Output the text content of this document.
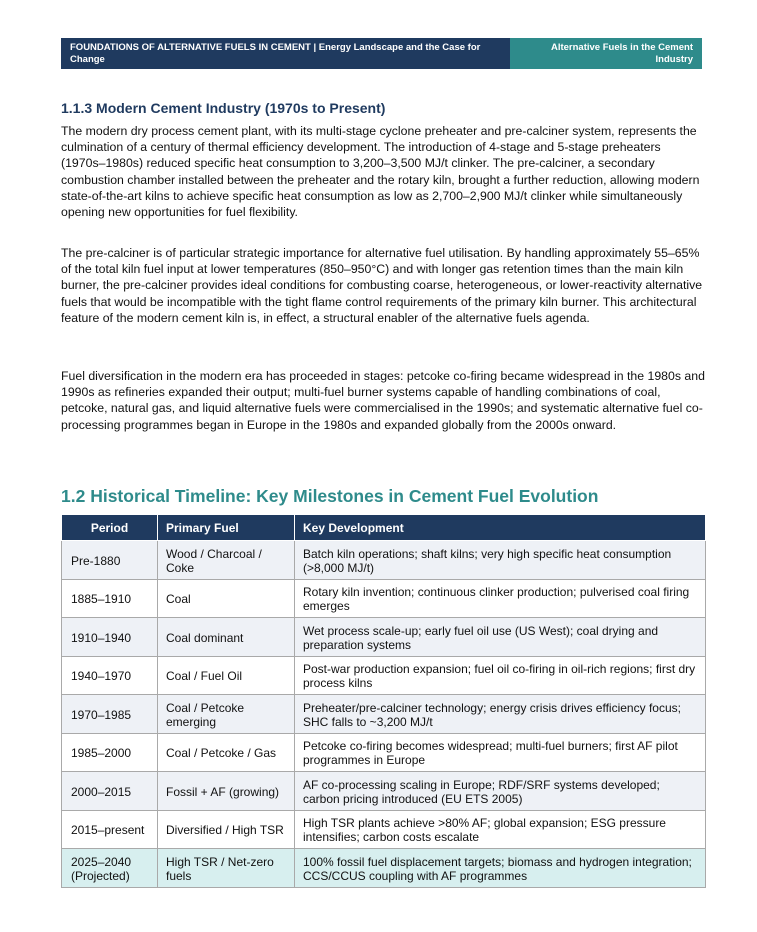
FOUNDATIONS OF ALTERNATIVE FUELS IN CEMENT | Energy Landscape and the Case for Change
Alternative Fuels in the Cement Industry
1.1.3 Modern Cement Industry (1970s to Present)

The modern dry process cement plant, with its multi-stage cyclone preheater and pre-calciner system, represents the culmination of a century of thermal efficiency development. The introduction of 4-stage and 5-stage preheaters (1970s–1980s) reduced specific heat consumption to 3,200–3,500 MJ/t clinker. The pre-calciner, a secondary combustion chamber installed between the preheater and the rotary kiln, brought a further reduction, allowing modern state-of-the-art kilns to achieve specific heat consumption as low as 2,700–2,900 MJ/t clinker while simultaneously opening new opportunities for fuel flexibility.

The pre-calciner is of particular strategic importance for alternative fuel utilisation. By handling approximately 55–65% of the total kiln fuel input at lower temperatures (850–950°C) and with longer gas retention times than the main kiln burner, the pre-calciner provides ideal conditions for combusting coarse, heterogeneous, or lower-reactivity alternative fuels that would be incompatible with the tight flame control requirements of the primary kiln burner. This architectural feature of the modern cement kiln is, in effect, a structural enabler of the alternative fuels agenda.

Fuel diversification in the modern era has proceeded in stages: petcoke co-firing became widespread in the 1980s and 1990s as refineries expanded their output; multi-fuel burner systems capable of handling combinations of coal, petcoke, natural gas, and liquid alternative fuels were commercialised in the 1990s; and systematic alternative fuel co-processing programmes began in Europe in the 1980s and expanded globally from the 2000s onward.

1.2 Historical Timeline: Key Milestones in Cement Fuel Evolution
Period	Primary Fuel	Key Development
Pre-1880	Wood / Charcoal / Coke	Batch kiln operations; shaft kilns; very high specific heat consumption (>8,000 MJ/t)
1885–1910	Coal	Rotary kiln invention; continuous clinker production; pulverised coal firing emerges
1910–1940	Coal dominant	Wet process scale-up; early fuel oil use (US West); coal drying and preparation systems
1940–1970	Coal / Fuel Oil	Post-war production expansion; fuel oil co-firing in oil-rich regions; first dry process kilns
1970–1985	Coal / Petcoke emerging	Preheater/pre-calciner technology; energy crisis drives efficiency focus; SHC falls to ~3,200 MJ/t
1985–2000	Coal / Petcoke / Gas	Petcoke co-firing becomes widespread; multi-fuel burners; first AF pilot programmes in Europe
2000–2015	Fossil + AF (growing)	AF co-processing scaling in Europe; RDF/SRF systems developed; carbon pricing introduced (EU ETS 2005)
2015–present	Diversified / High TSR	High TSR plants achieve >80% AF; global expansion; ESG pressure intensifies; carbon costs escalate
2025–2040 (Projected)	High TSR / Net-zero fuels	100% fossil fuel displacement targets; biomass and hydrogen integration; CCS/CCUS coupling with AF programmes
